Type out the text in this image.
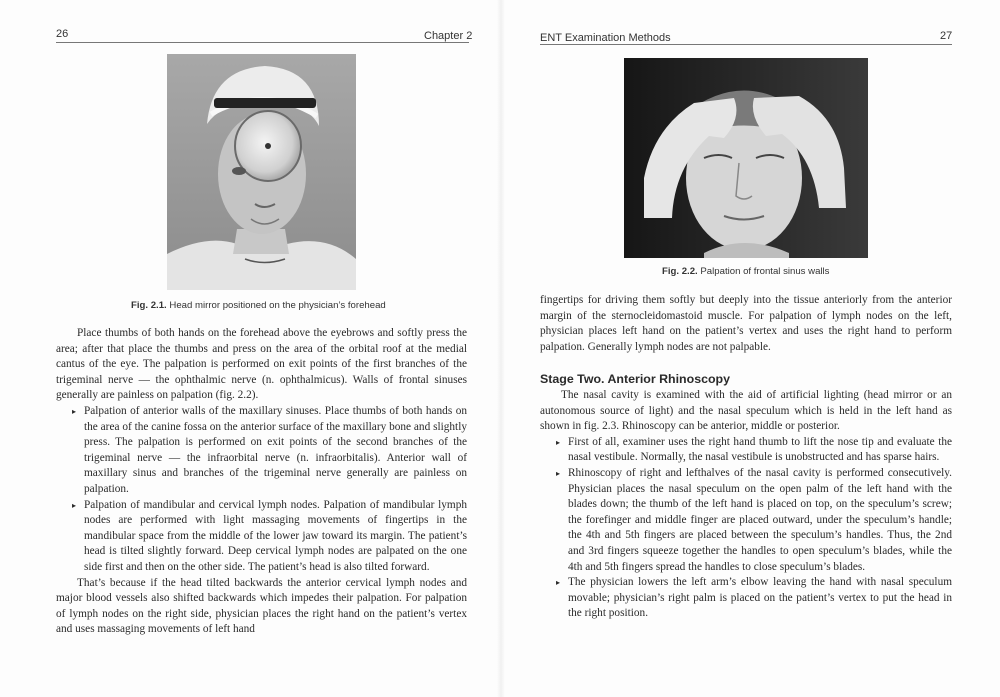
26	Chapter 2
Fig. 2.1. Head mirror positioned on the physician’s forehead

Place thumbs of both hands on the forehead above the eyebrows and softly press the area; after that place the thumbs and press on the area of the orbital roof at the medial cantus of the eye. The palpation is performed on exit points of the first branches of the trigeminal nerve — the ophthalmic nerve (n. ophthalmicus). Walls of frontal sinuses generally are painless on palpation (fig. 2.2).

▸ Palpation of anterior walls of the maxillary sinuses. Place thumbs of both hands on the area of the canine fossa on the anterior surface of the maxillary bone and slightly press. The palpation is performed on exit points of the second branches of the trigeminal nerve — the infraorbital nerve (n. infraorbitalis). Anterior wall of maxillary sinus and branches of the trigeminal nerve generally are painless on palpation.

▸ Palpation of mandibular and cervical lymph nodes. Palpation of mandibular lymph nodes are performed with light massaging movements of fingertips in the mandibular space from the middle of the lower jaw toward its margin. The patient’s head is tilted slightly forward. Deep cervical lymph nodes are palpated on the one side first and then on the other side. The patient’s head is also tilted forward.

That’s because if the head tilted backwards the anterior cervical lymph nodes and major blood vessels also shifted backwards which impedes their palpation. For palpation of lymph nodes on the right side, physician places the right hand on the patient’s vertex and uses massaging movements of left hand

ENT Examination Methods	27
Fig. 2.2. Palpation of frontal sinus walls

fingertips for driving them softly but deeply into the tissue anteriorly from the anterior margin of the sternocleidomastoid muscle. For palpation of lymph nodes on the left, physician places left hand on the patient’s vertex and uses the right hand to perform palpation. Generally lymph nodes are not palpable.

Stage Two. Anterior Rhinoscopy

The nasal cavity is examined with the aid of artificial lighting (head mirror or an autonomous source of light) and the nasal speculum which is held in the left hand as shown in fig. 2.3. Rhinoscopy can be anterior, middle or posterior.

▸ First of all, examiner uses the right hand thumb to lift the nose tip and evaluate the nasal vestibule. Normally, the nasal vestibule is unobstructed and has sparse hairs.

▸ Rhinoscopy of right and lefthalves of the nasal cavity is performed consecutively. Physician places the nasal speculum on the open palm of the left hand with the blades down; the thumb of the left hand is placed on top, on the speculum’s screw; the forefinger and middle finger are placed outward, under the speculum’s handle; the 4th and 5th fingers are placed between the speculum’s handles. Thus, the 2nd and 3rd fingers squeeze together the handles to open speculum’s blades, while the 4th and 5th fingers spread the handles to close speculum’s blades.

▸ The physician lowers the left arm’s elbow leaving the hand with nasal speculum movable; physician’s right palm is placed on the patient’s vertex to put the head in the right position.
